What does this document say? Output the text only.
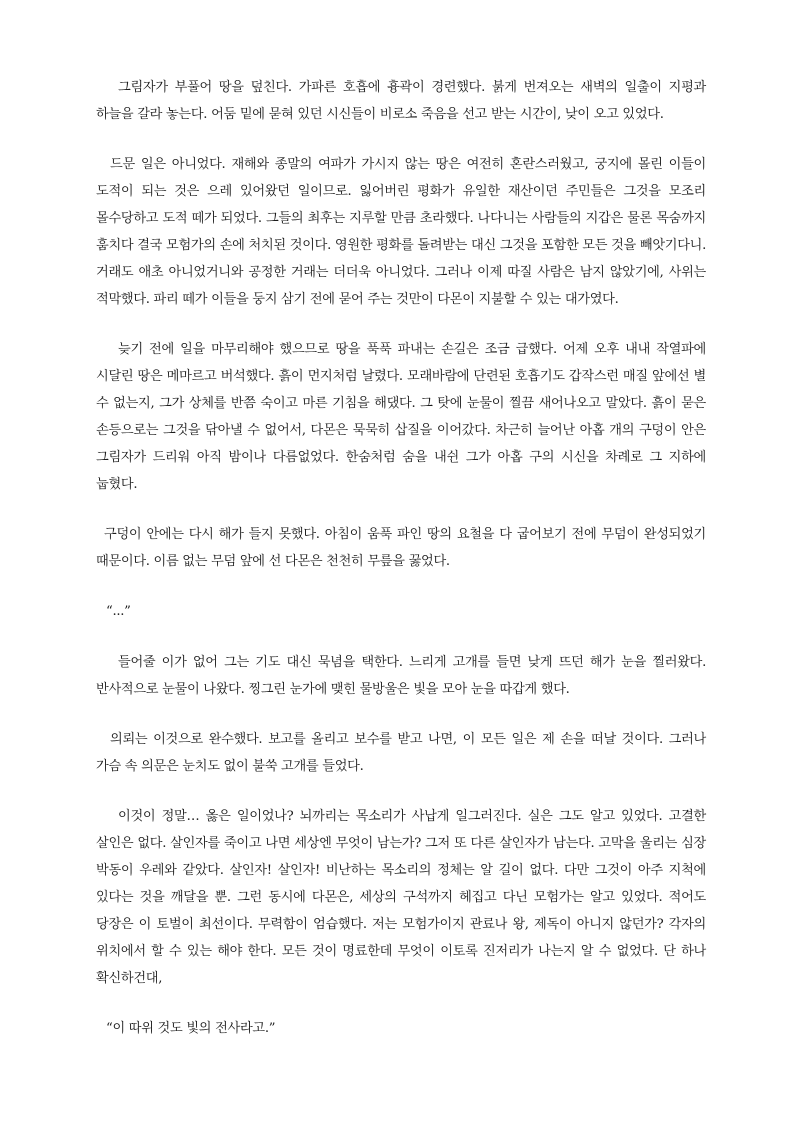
그림자가 부풀어 땅을 덮친다. 가파른 호흡에 흉곽이 경련했다. 붉게 번져오는 새벽의 일출이 지평과 하늘을 갈라 놓는다. 어둠 밑에 묻혀 있던 시신들이 비로소 죽음을 선고 받는 시간이, 낮이 오고 있었다.

드문 일은 아니었다. 재해와 종말의 여파가 가시지 않는 땅은 여전히 혼란스러웠고, 궁지에 몰린 이들이 도적이 되는 것은 으레 있어왔던 일이므로. 잃어버린 평화가 유일한 재산이던 주민들은 그것을 모조리 몰수당하고 도적 떼가 되었다. 그들의 최후는 지루할 만큼 초라했다. 나다니는 사람들의 지갑은 물론 목숨까지 훔치다 결국 모험가의 손에 처치된 것이다. 영원한 평화를 돌려받는 대신 그것을 포함한 모든 것을 빼앗기다니. 거래도 애초 아니었거니와 공정한 거래는 더더욱 아니었다. 그러나 이제 따질 사람은 남지 않았기에, 사위는 적막했다. 파리 떼가 이들을 둥지 삼기 전에 묻어 주는 것만이 다몬이 지불할 수 있는 대가였다.

늦기 전에 일을 마무리해야 했으므로 땅을 푹푹 파내는 손길은 조금 급했다. 어제 오후 내내 작열파에 시달린 땅은 메마르고 버석했다. 흙이 먼지처럼 날렸다. 모래바람에 단련된 호흡기도 갑작스런 매질 앞에선 별 수 없는지, 그가 상체를 반쯤 숙이고 마른 기침을 해댔다. 그 탓에 눈물이 찔끔 새어나오고 말았다. 흙이 묻은 손등으로는 그것을 닦아낼 수 없어서, 다몬은 묵묵히 삽질을 이어갔다. 차근히 늘어난 아홉 개의 구덩이 안은 그림자가 드리워 아직 밤이나 다름없었다. 한숨처럼 숨을 내쉰 그가 아홉 구의 시신을 차례로 그 지하에 눕혔다.

구덩이 안에는 다시 해가 들지 못했다. 아침이 움푹 파인 땅의 요철을 다 굽어보기 전에 무덤이 완성되었기 때문이다. 이름 없는 무덤 앞에 선 다몬은 천천히 무릎을 꿇었다.

“...”

들어줄 이가 없어 그는 기도 대신 묵념을 택한다. 느리게 고개를 들면 낮게 뜨던 해가 눈을 찔러왔다. 반사적으로 눈물이 나왔다. 찡그린 눈가에 맺힌 물방울은 빛을 모아 눈을 따갑게 했다.

의뢰는 이것으로 완수했다. 보고를 올리고 보수를 받고 나면, 이 모든 일은 제 손을 떠날 것이다. 그러나 가슴 속 의문은 눈치도 없이 불쑥 고개를 들었다.

이것이 정말… 옳은 일이었나? 뇌까리는 목소리가 사납게 일그러진다. 실은 그도 알고 있었다. 고결한 살인은 없다. 살인자를 죽이고 나면 세상엔 무엇이 남는가? 그저 또 다른 살인자가 남는다. 고막을 울리는 심장 박동이 우레와 같았다. 살인자! 살인자! 비난하는 목소리의 정체는 알 길이 없다. 다만 그것이 아주 지척에 있다는 것을 깨달을 뿐. 그런 동시에 다몬은, 세상의 구석까지 헤집고 다닌 모험가는 알고 있었다. 적어도 당장은 이 토벌이 최선이다. 무력함이 엄습했다. 저는 모험가이지 관료나 왕, 제독이 아니지 않던가? 각자의 위치에서 할 수 있는 해야 한다. 모든 것이 명료한데 무엇이 이토록 진저리가 나는지 알 수 없었다. 단 하나 확신하건대,

“이 따위 것도 빛의 전사라고.”
